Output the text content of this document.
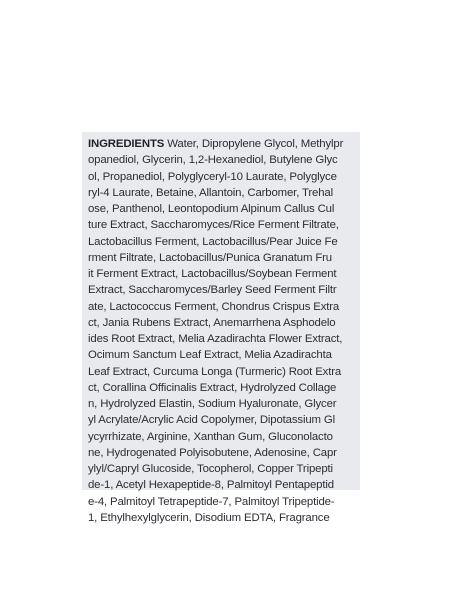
INGREDIENTS Water, Dipropylene Glycol, Methylpr
opanediol, Glycerin, 1,2-Hexanediol, Butylene Glyc
ol, Propanediol, Polyglyceryl-10 Laurate, Polyglyce
ryl-4 Laurate, Betaine, Allantoin, Carbomer, Trehal
ose, Panthenol, Leontopodium Alpinum Callus Cul
ture Extract, Saccharomyces/Rice Ferment Filtrate,
Lactobacillus Ferment, Lactobacillus/Pear Juice Fe
rment Filtrate, Lactobacillus/Punica Granatum Fru
it Ferment Extract, Lactobacillus/Soybean Ferment
Extract, Saccharomyces/Barley Seed Ferment Filtr
ate, Lactococcus Ferment, Chondrus Crispus Extra
ct, Jania Rubens Extract, Anemarrhena Asphodelo
ides Root Extract, Melia Azadirachta Flower Extract,
Ocimum Sanctum Leaf Extract, Melia Azadirachta
Leaf Extract, Curcuma Longa (Turmeric) Root Extra
ct, Corallina Officinalis Extract, Hydrolyzed Collage
n, Hydrolyzed Elastin, Sodium Hyaluronate, Glycer
yl Acrylate/Acrylic Acid Copolymer, Dipotassium Gl
ycyrrhizate, Arginine, Xanthan Gum, Gluconolacto
ne, Hydrogenated Polyisobutene, Adenosine, Capr
ylyl/Capryl Glucoside, Tocopherol, Copper Tripepti
de-1, Acetyl Hexapeptide-8, Palmitoyl Pentapeptid
e-4, Palmitoyl Tetrapeptide-7, Palmitoyl Tripeptide-
1, Ethylhexylglycerin, Disodium EDTA, Fragrance
